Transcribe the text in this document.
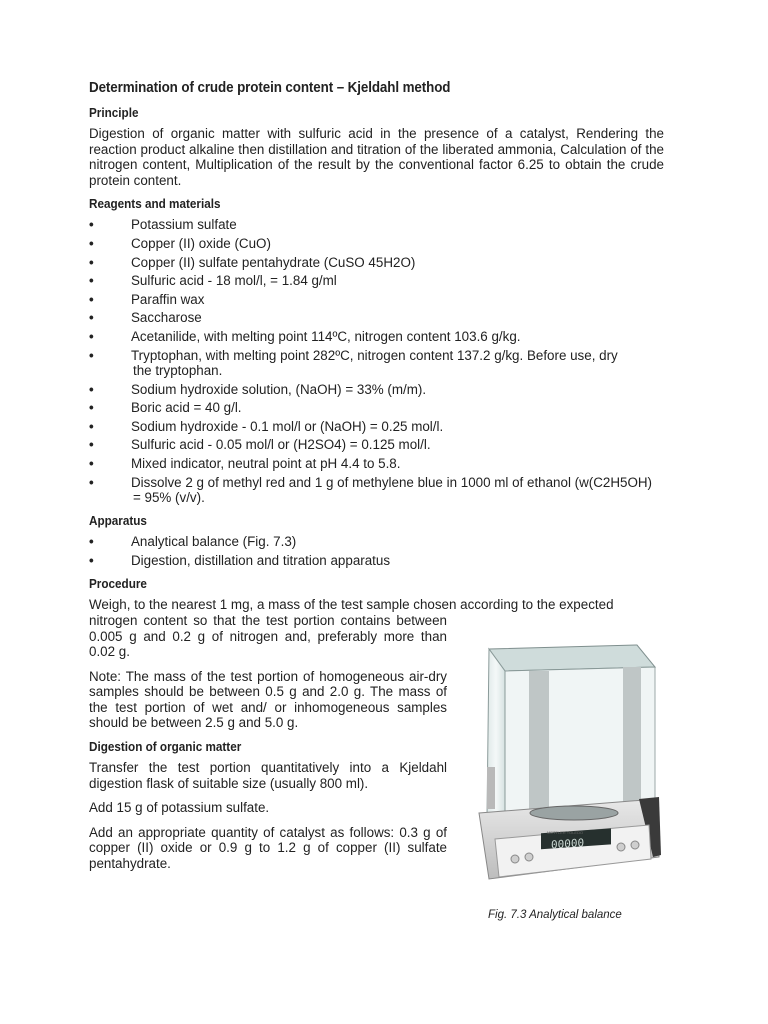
Determination of crude protein content – Kjeldahl method
Principle

Digestion of organic matter with sulfuric acid in the presence of a catalyst, Rendering the reaction product alkaline then distillation and titration of the liberated ammonia, Calculation of the nitrogen content, Multiplication of the result by the conventional factor 6.25 to obtain the crude protein content.

Reagents and materials
•	Potassium sulfate
•	Copper (II) oxide (CuO)
•	Copper (II) sulfate pentahydrate (CuSO 45H2O)
•	Sulfuric acid - 18 mol/l, = 1.84 g/ml
•	Paraffin wax
•	Saccharose
•	Acetanilide, with melting point 114ºC, nitrogen content 103.6 g/kg.
•	Tryptophan, with melting point 282ºC, nitrogen content 137.2 g/kg. Before use, dry
the tryptophan.
•	Sodium hydroxide solution, (NaOH) = 33% (m/m).
•	Boric acid = 40 g/l.
•	Sodium hydroxide - 0.1 mol/l or (NaOH) = 0.25 mol/l.
•	Sulfuric acid - 0.05 mol/l or (H2SO4) = 0.125 mol/l.
•	Mixed indicator, neutral point at pH 4.4 to 5.8.
•	Dissolve 2 g of methyl red and 1 g of methylene blue in 1000 ml of ethanol (w(C2H5OH)
= 95% (v/v).
Apparatus
•	Analytical balance (Fig. 7.3)
•	Digestion, distillation and titration apparatus
Procedure

Weigh, to the nearest 1 mg, a mass of the test sample chosen according to the expected

nitrogen content so that the test portion contains between 0.005 g and 0.2 g of nitrogen and, preferably more than 0.02 g.

Note: The mass of the test portion of homogeneous air-dry samples should be between 0.5 g and 2.0 g. The mass of the test portion of wet and/ or inhomogeneous samples should be between 2.5 g and 5.0 g.

Digestion of organic matter

Transfer the test portion quantitatively into a Kjeldahl digestion flask of suitable size (usually 800 ml).

Add 15 g of potassium sulfate.

Add an appropriate quantity of catalyst as follows: 0.3 g of copper (II) oxide or 0.9 g to 1.2 g of copper (II) sulfate pentahydrate.

00000
METTLER TOLEDO
Fig. 7.3 Analytical balance
